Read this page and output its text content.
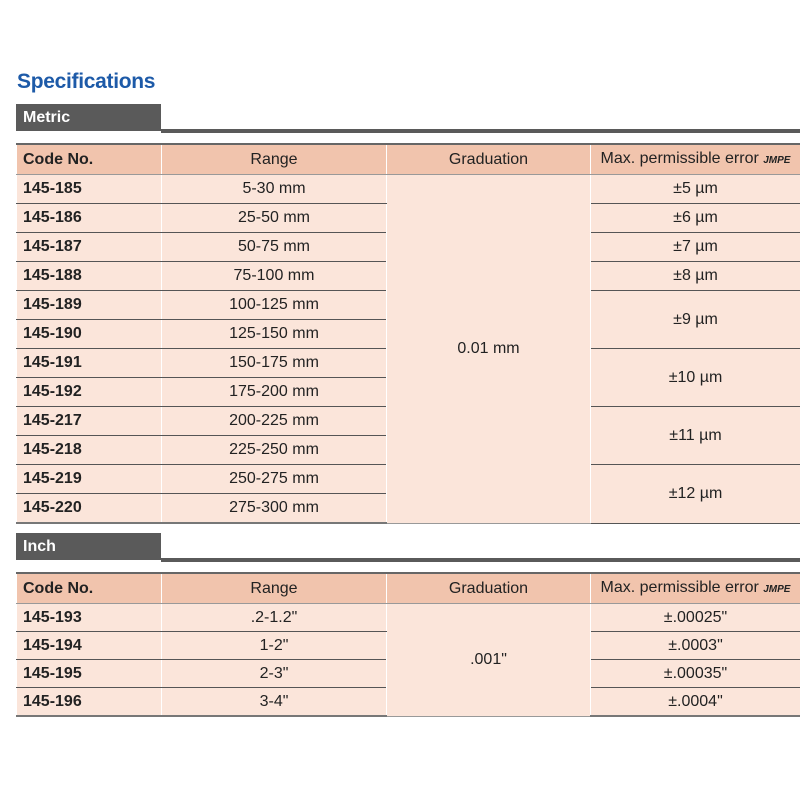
Specifications
Metric
Code No.	Range	Graduation	Max. permissible error JMPE
145-185	5-30 mm	0.01 mm	±5 µm
145-186	25-50 mm		±6 µm
145-187	50-75 mm		±7 µm
145-188	75-100 mm		±8 µm
145-189	100-125 mm		±9 µm
145-190	125-150 mm		
145-191	150-175 mm		±10 µm
145-192	175-200 mm		
145-217	200-225 mm		±11 µm
145-218	225-250 mm		
145-219	250-275 mm		±12 µm
145-220	275-300 mm		
Inch
Code No.	Range	Graduation	Max. permissible error JMPE
145-193	.2-1.2"	.001"	±.00025"
145-194	1-2"		±.0003"
145-195	2-3"		±.00035"
145-196	3-4"		±.0004"
